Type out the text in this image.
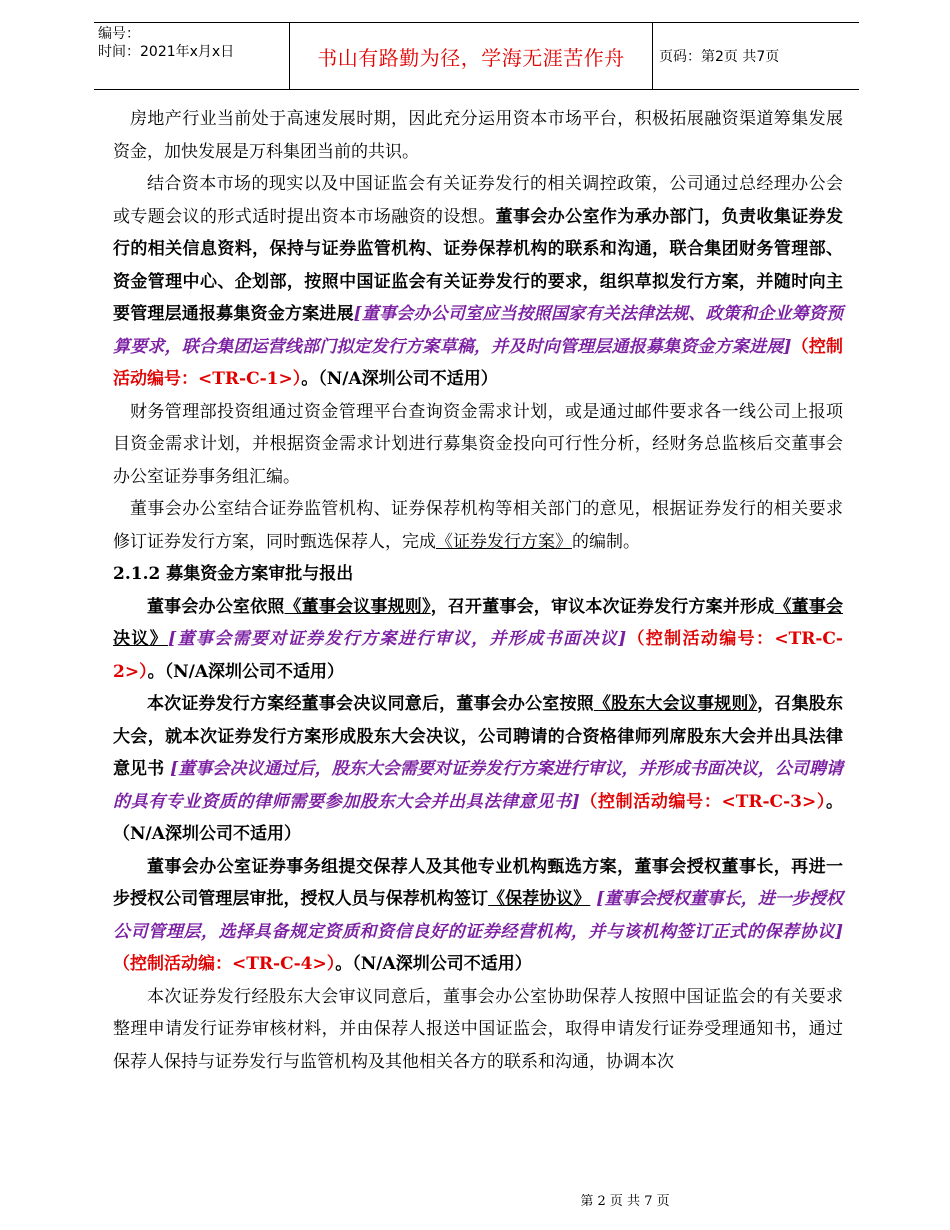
编号：
时间：2021年x月x日	书山有路勤为径，学海无涯苦作舟	页码：第2页 共7页

房地产行业当前处于高速发展时期，因此充分运用资本市场平台，积极拓展融资渠道筹集发展资金，加快发展是万科集团当前的共识。

结合资本市场的现实以及中国证监会有关证券发行的相关调控政策，公司通过总经理办公会或专题会议的形式适时提出资本市场融资的设想。董事会办公室作为承办部门，负责收集证券发行的相关信息资料，保持与证券监管机构、证券保荐机构的联系和沟通，联合集团财务管理部、资金管理中心、企划部，按照中国证监会有关证券发行的要求，组织草拟发行方案，并随时向主要管理层通报募集资金方案进展[董事会办公司室应当按照国家有关法律法规、政策和企业筹资预算要求，联合集团运营线部门拟定发行方案草稿，并及时向管理层通报募集资金方案进展]（控制活动编号：<TR-C-1>）。（N/A深圳公司不适用）

财务管理部投资组通过资金管理平台查询资金需求计划，或是通过邮件要求各一线公司上报项目资金需求计划，并根据资金需求计划进行募集资金投向可行性分析，经财务总监核后交董事会办公室证券事务组汇编。

董事会办公室结合证券监管机构、证券保荐机构等相关部门的意见，根据证券发行的相关要求修订证券发行方案，同时甄选保荐人，完成《证券发行方案》的编制。

2.1.2 募集资金方案审批与报出

董事会办公室依照《董事会议事规则》，召开董事会，审议本次证券发行方案并形成《董事会决议》[董事会需要对证券发行方案进行审议，并形成书面决议]（控制活动编号：<TR-C-2>）。（N/A深圳公司不适用）

本次证券发行方案经董事会决议同意后，董事会办公室按照《股东大会议事规则》，召集股东大会，就本次证券发行方案形成股东大会决议，公司聘请的合资格律师列席股东大会并出具法律意见书 [董事会决议通过后，股东大会需要对证券发行方案进行审议，并形成书面决议，公司聘请的具有专业资质的律师需要参加股东大会并出具法律意见书]（控制活动编号：<TR-C-3>）。（N/A深圳公司不适用）

董事会办公室证券事务组提交保荐人及其他专业机构甄选方案，董事会授权董事长，再进一步授权公司管理层审批，授权人员与保荐机构签订《保荐协议》 [董事会授权董事长，进一步授权公司管理层，选择具备规定资质和资信良好的证券经营机构，并与该机构签订正式的保荐协议]（控制活动编：<TR-C-4>）。（N/A深圳公司不适用）

本次证券发行经股东大会审议同意后，董事会办公室协助保荐人按照中国证监会的有关要求整理申请发行证券审核材料，并由保荐人报送中国证监会，取得申请发行证券受理通知书，通过保荐人保持与证券发行与监管机构及其他相关各方的联系和沟通，协调本次

第 2 页 共 7 页
